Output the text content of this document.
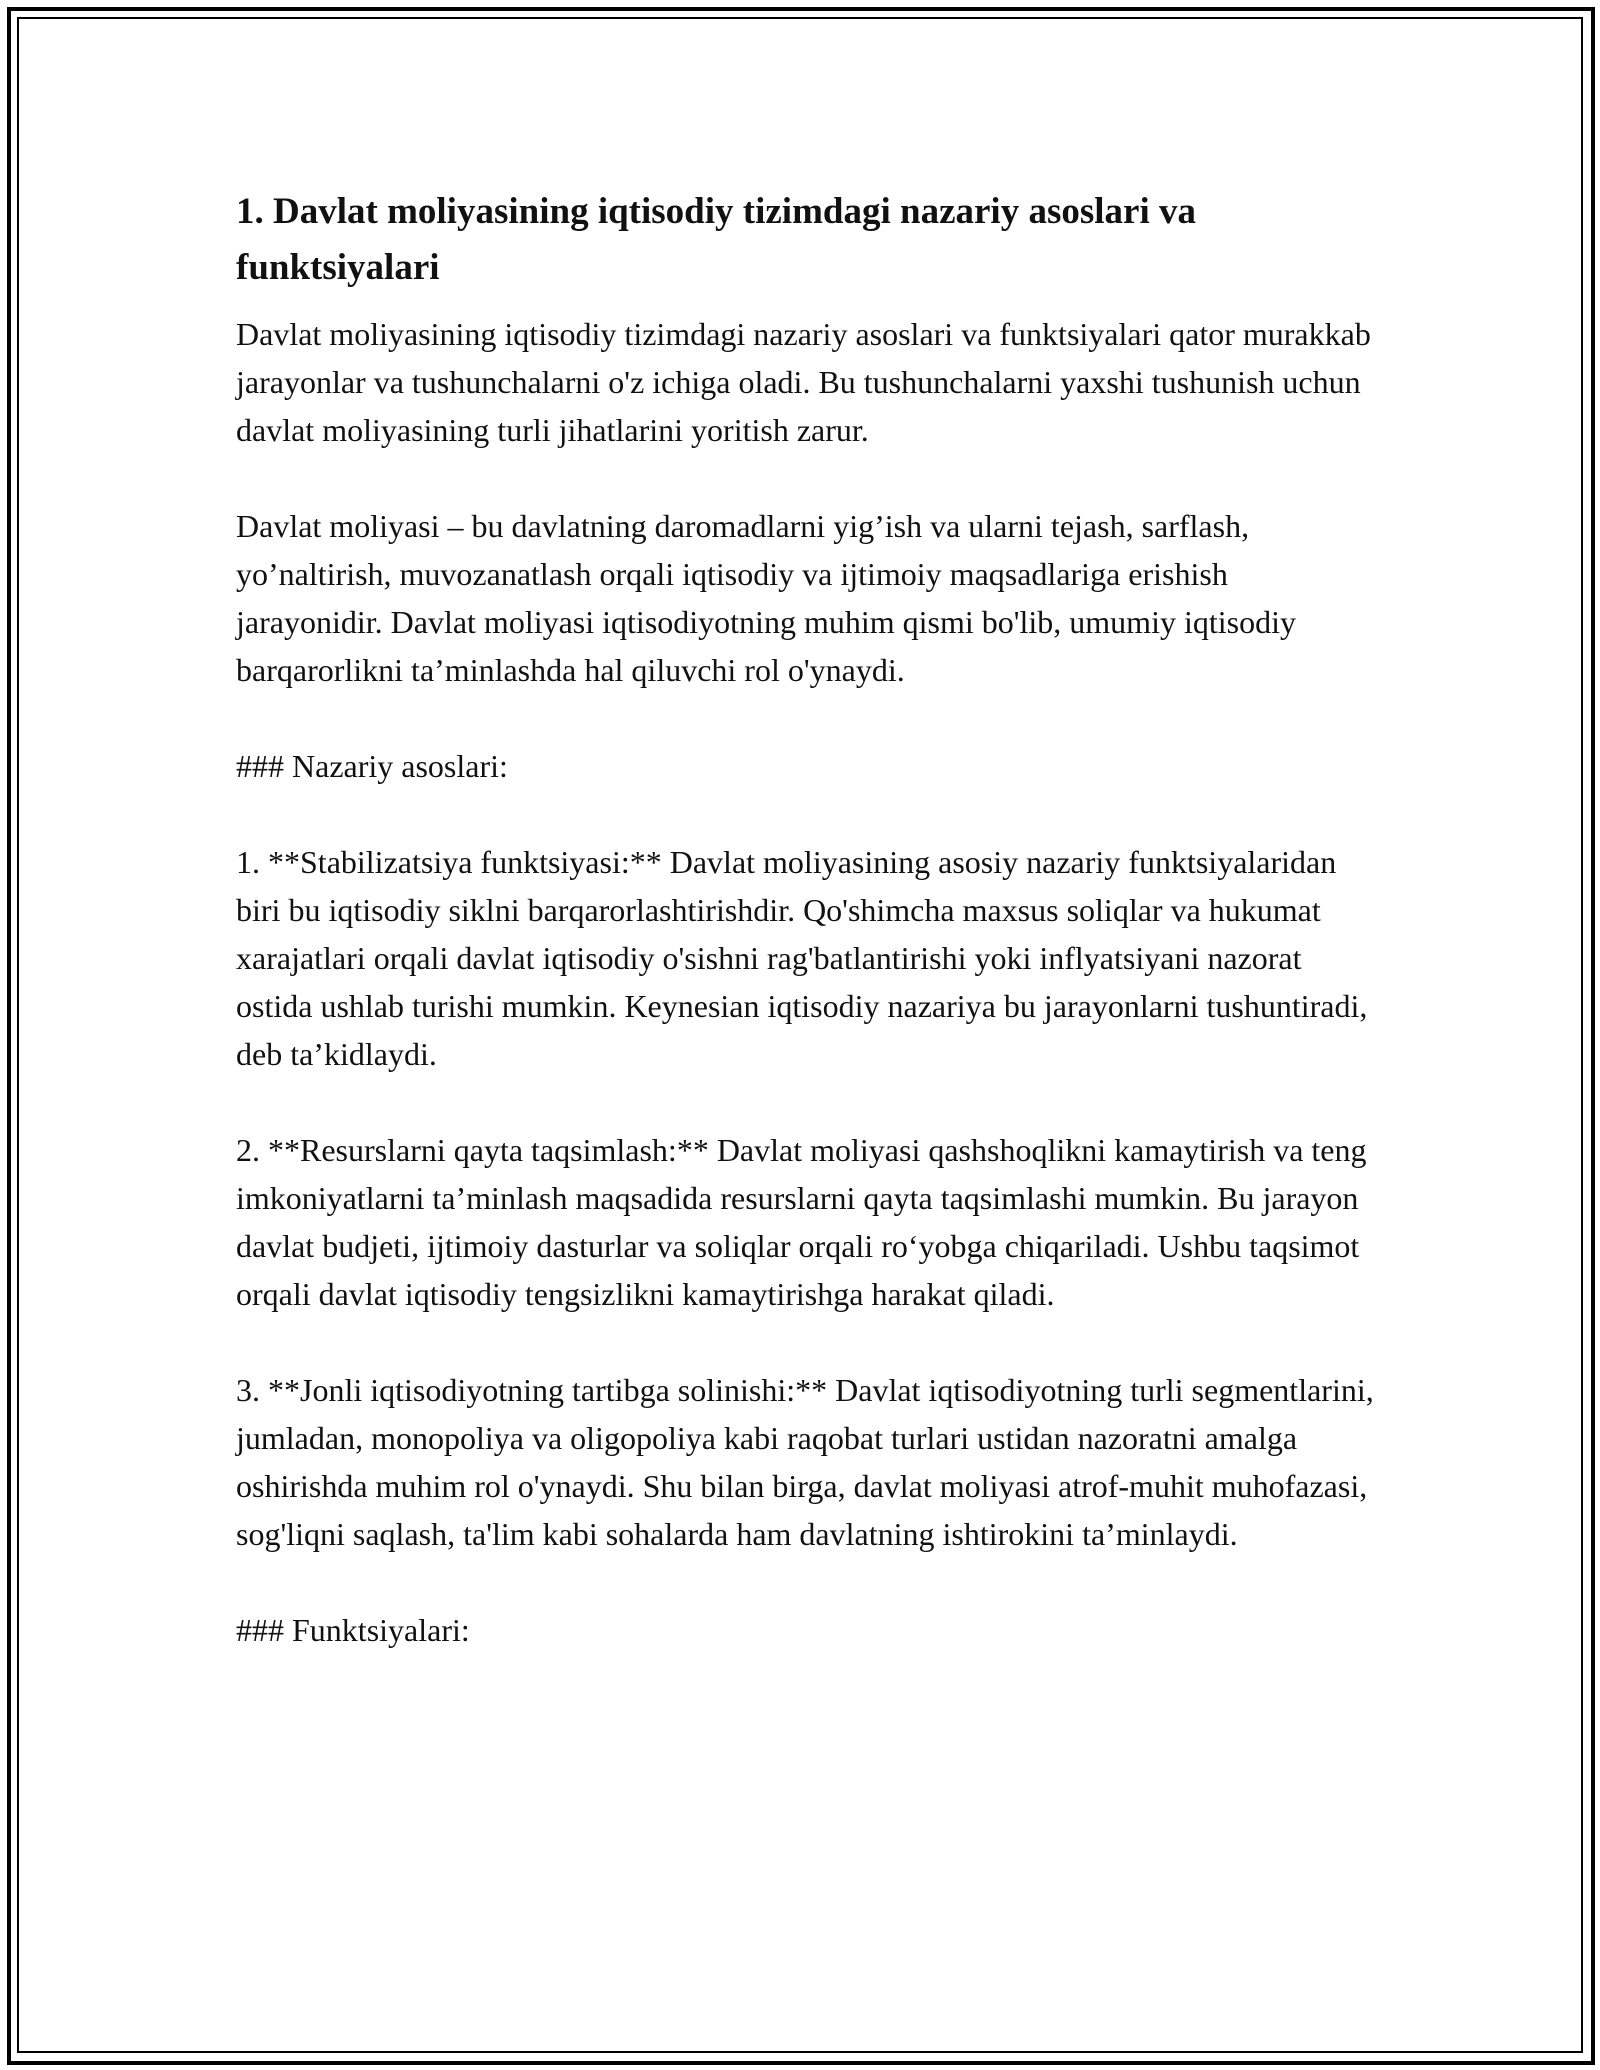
1. Davlat moliyasining iqtisodiy tizimdagi nazariy asoslari va funktsiyalari

Davlat moliyasining iqtisodiy tizimdagi nazariy asoslari va funktsiyalari qator murakkab jarayonlar va tushunchalarni o'z ichiga oladi. Bu tushunchalarni yaxshi tushunish uchun davlat moliyasining turli jihatlarini yoritish zarur.

Davlat moliyasi – bu davlatning daromadlarni yig’ish va ularni tejash, sarflash, yo’naltirish, muvozanatlash orqali iqtisodiy va ijtimoiy maqsadlariga erishish jarayonidir. Davlat moliyasi iqtisodiyotning muhim qismi bo'lib, umumiy iqtisodiy barqarorlikni ta’minlashda hal qiluvchi rol o'ynaydi.

### Nazariy asoslari:

1. **Stabilizatsiya funktsiyasi:** Davlat moliyasining asosiy nazariy funktsiyalaridan biri bu iqtisodiy siklni barqarorlashtirishdir. Qo'shimcha maxsus soliqlar va hukumat xarajatlari orqali davlat iqtisodiy o'sishni rag'batlantirishi yoki inflyatsiyani nazorat ostida ushlab turishi mumkin. Keynesian iqtisodiy nazariya bu jarayonlarni tushuntiradi, deb ta’kidlaydi.

2. **Resurslarni qayta taqsimlash:** Davlat moliyasi qashshoqlikni kamaytirish va teng imkoniyatlarni ta’minlash maqsadida resurslarni qayta taqsimlashi mumkin. Bu jarayon davlat budjeti, ijtimoiy dasturlar va soliqlar orqali ro‘yobga chiqariladi. Ushbu taqsimot orqali davlat iqtisodiy tengsizlikni kamaytirishga harakat qiladi.

3. **Jonli iqtisodiyotning tartibga solinishi:** Davlat iqtisodiyotning turli segmentlarini, jumladan, monopoliya va oligopoliya kabi raqobat turlari ustidan nazoratni amalga oshirishda muhim rol o'ynaydi. Shu bilan birga, davlat moliyasi atrof-muhit muhofazasi, sog'liqni saqlash, ta'lim kabi sohalarda ham davlatning ishtirokini ta’minlaydi.

### Funktsiyalari:
